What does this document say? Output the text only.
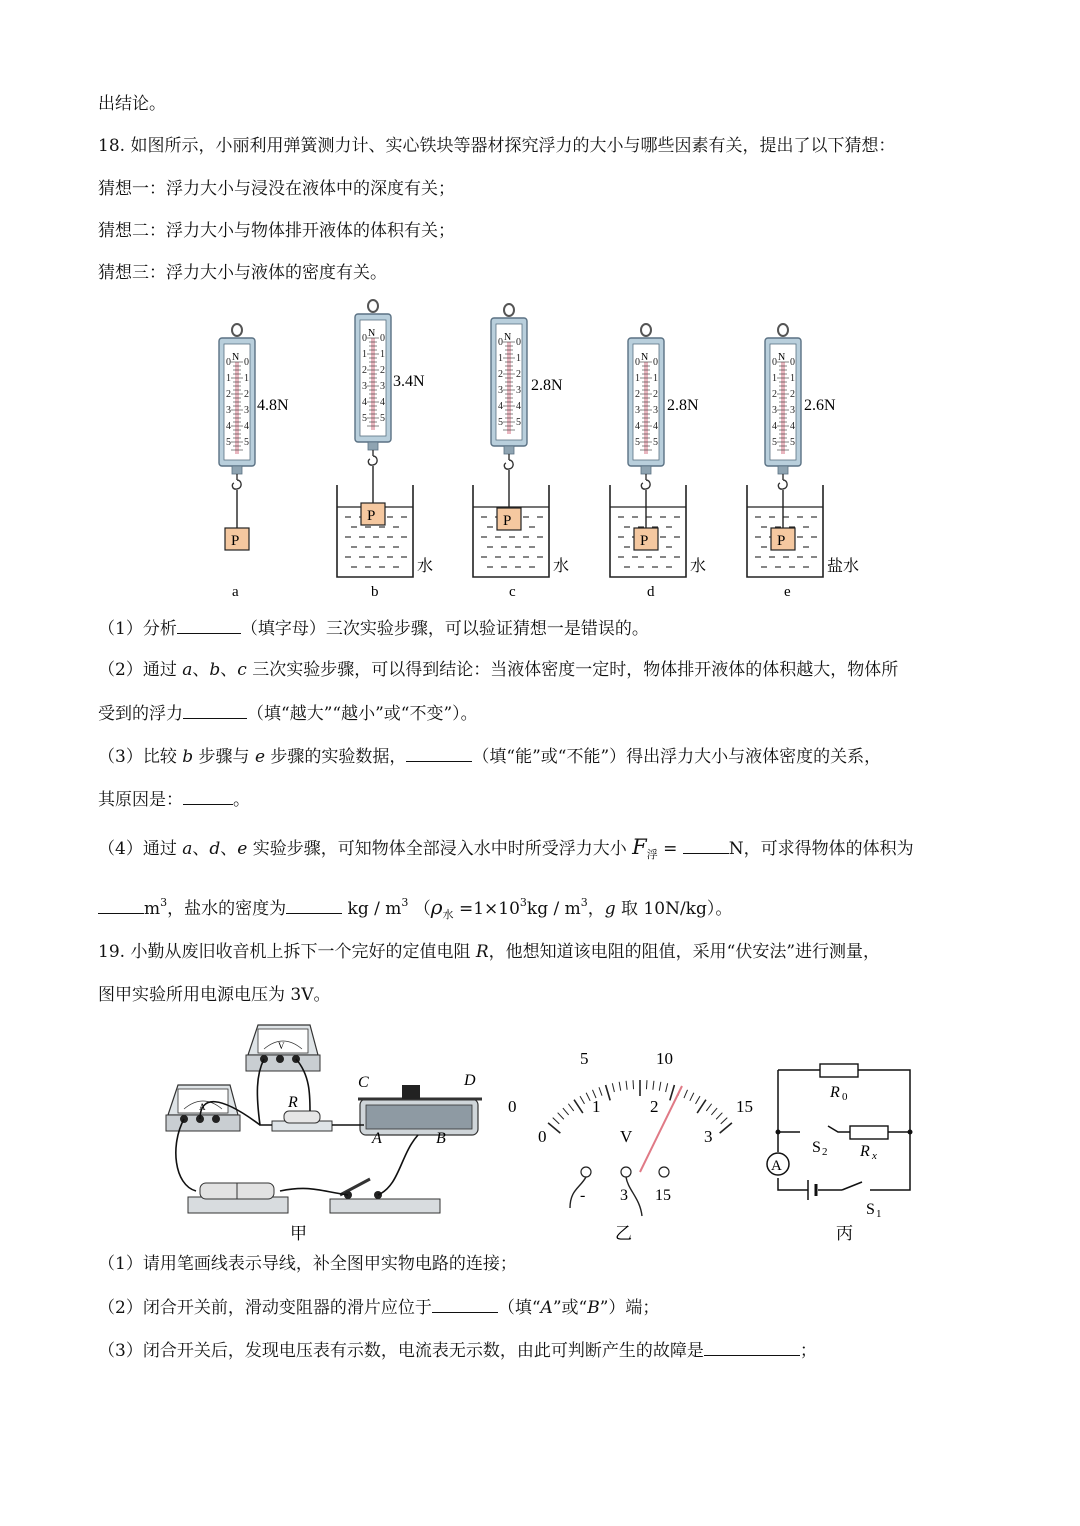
出结论。
18. 如图所示，小丽利用弹簧测力计、实心铁块等器材探究浮力的大小与哪些因素有关，提出了以下猜想：
猜想一：浮力大小与浸没在液体中的深度有关；
猜想二：浮力大小与物体排开液体的体积有关；
猜想三：浮力大小与液体的密度有关。
0	0
1	1
2	2
3	3
4	4
5	5
N
P
4.8N
a
N
P
3.4N
水
b
N
P
2.8N
水
c
N
P
2.8N
水
d
N
P
2.6N
盐水
e
（1）分析	（填字母）三次实验步骤，可以验证猜想一是错误的。
（2）通过 a、b、c 三次实验步骤，可以得到结论：当液体密度一定时，物体排开液体的体积越大，物体所
受到的浮力	（填“越大”“越小”或“不变”）。
（3）比较 b 步骤与 e 步骤的实验数据，	（填“能”或“不能”）得出浮力大小与液体密度的关系，
其原因是：	。
（4）通过 a、d、e 实验步骤，可知物体全部浸入水中时所受浮力大小 $F_浮$ =	N，可求得物体的体积为
$m^3$，盐水的密度为	kg / $m^3$ （$\rho_水 =1\times 10^3kg / m^3$，g 取 10N/kg）。
19. 小勤从废旧收音机上拆下一个完好的定值电阻 R，他想知道该电阻的阻值，采用“伏安法”进行测量，
图甲实验所用电源电压为 3V。
V
A	R
C	D
A	B
甲
0
5	10
15
0
1	2
3
V
- 3 15
乙
A
R 0
R x
S 2
S 1
丙
（1）请用笔画线表示导线，补全图甲实物电路的连接；
（2）闭合开关前，滑动变阻器的滑片应位于	（填“A”或“B”）端；
（3）闭合开关后，发现电压表有示数，电流表无示数，由此可判断产生的故障是	；
